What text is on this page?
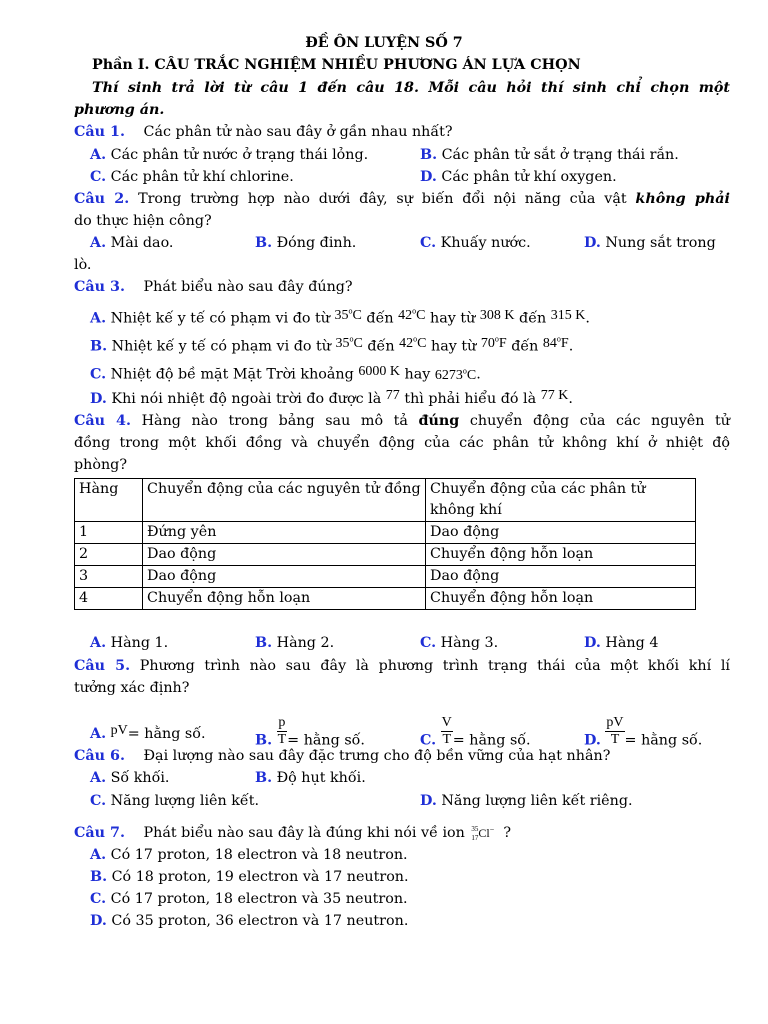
ĐỀ ÔN LUYỆN SỐ 7
Phần I. CÂU TRẮC NGHIỆM NHIỀU PHƯƠNG ÁN LỰA CHỌN
Thí sinh trả lời từ câu 1 đến câu 18. Mỗi câu hỏi thí sinh chỉ chọn một
phương án.
Câu 1. Các phân tử nào sau đây ở gần nhau nhất?
A. Các phân tử nước ở trạng thái lỏng.	B. Các phân tử sắt ở trạng thái rắn.
C. Các phân tử khí chlorine.	D. Các phân tử khí oxygen.
Câu 2. Trong trường hợp nào dưới đây, sự biến đổi nội năng của vật không phải
do thực hiện công?
A. Mài dao.	B. Đóng đinh.	C. Khuấy nước.	D. Nung sắt trong
lò.
Câu 3. Phát biểu nào sau đây đúng?
A. Nhiệt kế y tế có phạm vi đo từ 35$^o$C đến 42$^o$C hay từ 308 K đến 315 K.
B. Nhiệt kế y tế có phạm vi đo từ 35$^o$C đến 42$^o$C hay từ 70$^o$F đến 84$^o$F.
C. Nhiệt độ bề mặt Mặt Trời khoảng 6000 K hay 6273$^o$C.
D. Khi nói nhiệt độ ngoài trời đo được là 77 thì phải hiểu đó là 77 K.
Câu 4. Hàng nào trong bảng sau mô tả đúng chuyển động của các nguyên tử
đồng trong một khối đồng và chuyển động của các phân tử không khí ở nhiệt độ
phòng?
Hàng	Chuyển động của các nguyên tử đồng	Chuyển động của các phân tử không khí
1	Đứng yên	Dao động
2	Dao động	Chuyển động hỗn loạn
3	Dao động	Dao động
4	Chuyển động hỗn loạn	Chuyển động hỗn loạn
A. Hàng 1.	B. Hàng 2.	C. Hàng 3.	D. Hàng 4
Câu 5. Phương trình nào sau đây là phương trình trạng thái của một khối khí lí
tưởng xác định?
A. pV= hằng số.	B. $\frac{p}{T}$ = hằng số.	C. $\frac{V}{T}$ = hằng số.	D. $\frac{pV}{T}$ = hằng số.
Câu 6. Đại lượng nào sau đây đặc trưng cho độ bền vững của hạt nhân?
A. Số khối.	B. Độ hụt khối.
C. Năng lượng liên kết.	D. Năng lượng liên kết riêng.
Câu 7. Phát biểu nào sau đây là đúng khi nói về ion 35
17 Cl− ?
A. Có 17 proton, 18 electron và 18 neutron.
B. Có 18 proton, 19 electron và 17 neutron.
C. Có 17 proton, 18 electron và 35 neutron.
D. Có 35 proton, 36 electron và 17 neutron.
